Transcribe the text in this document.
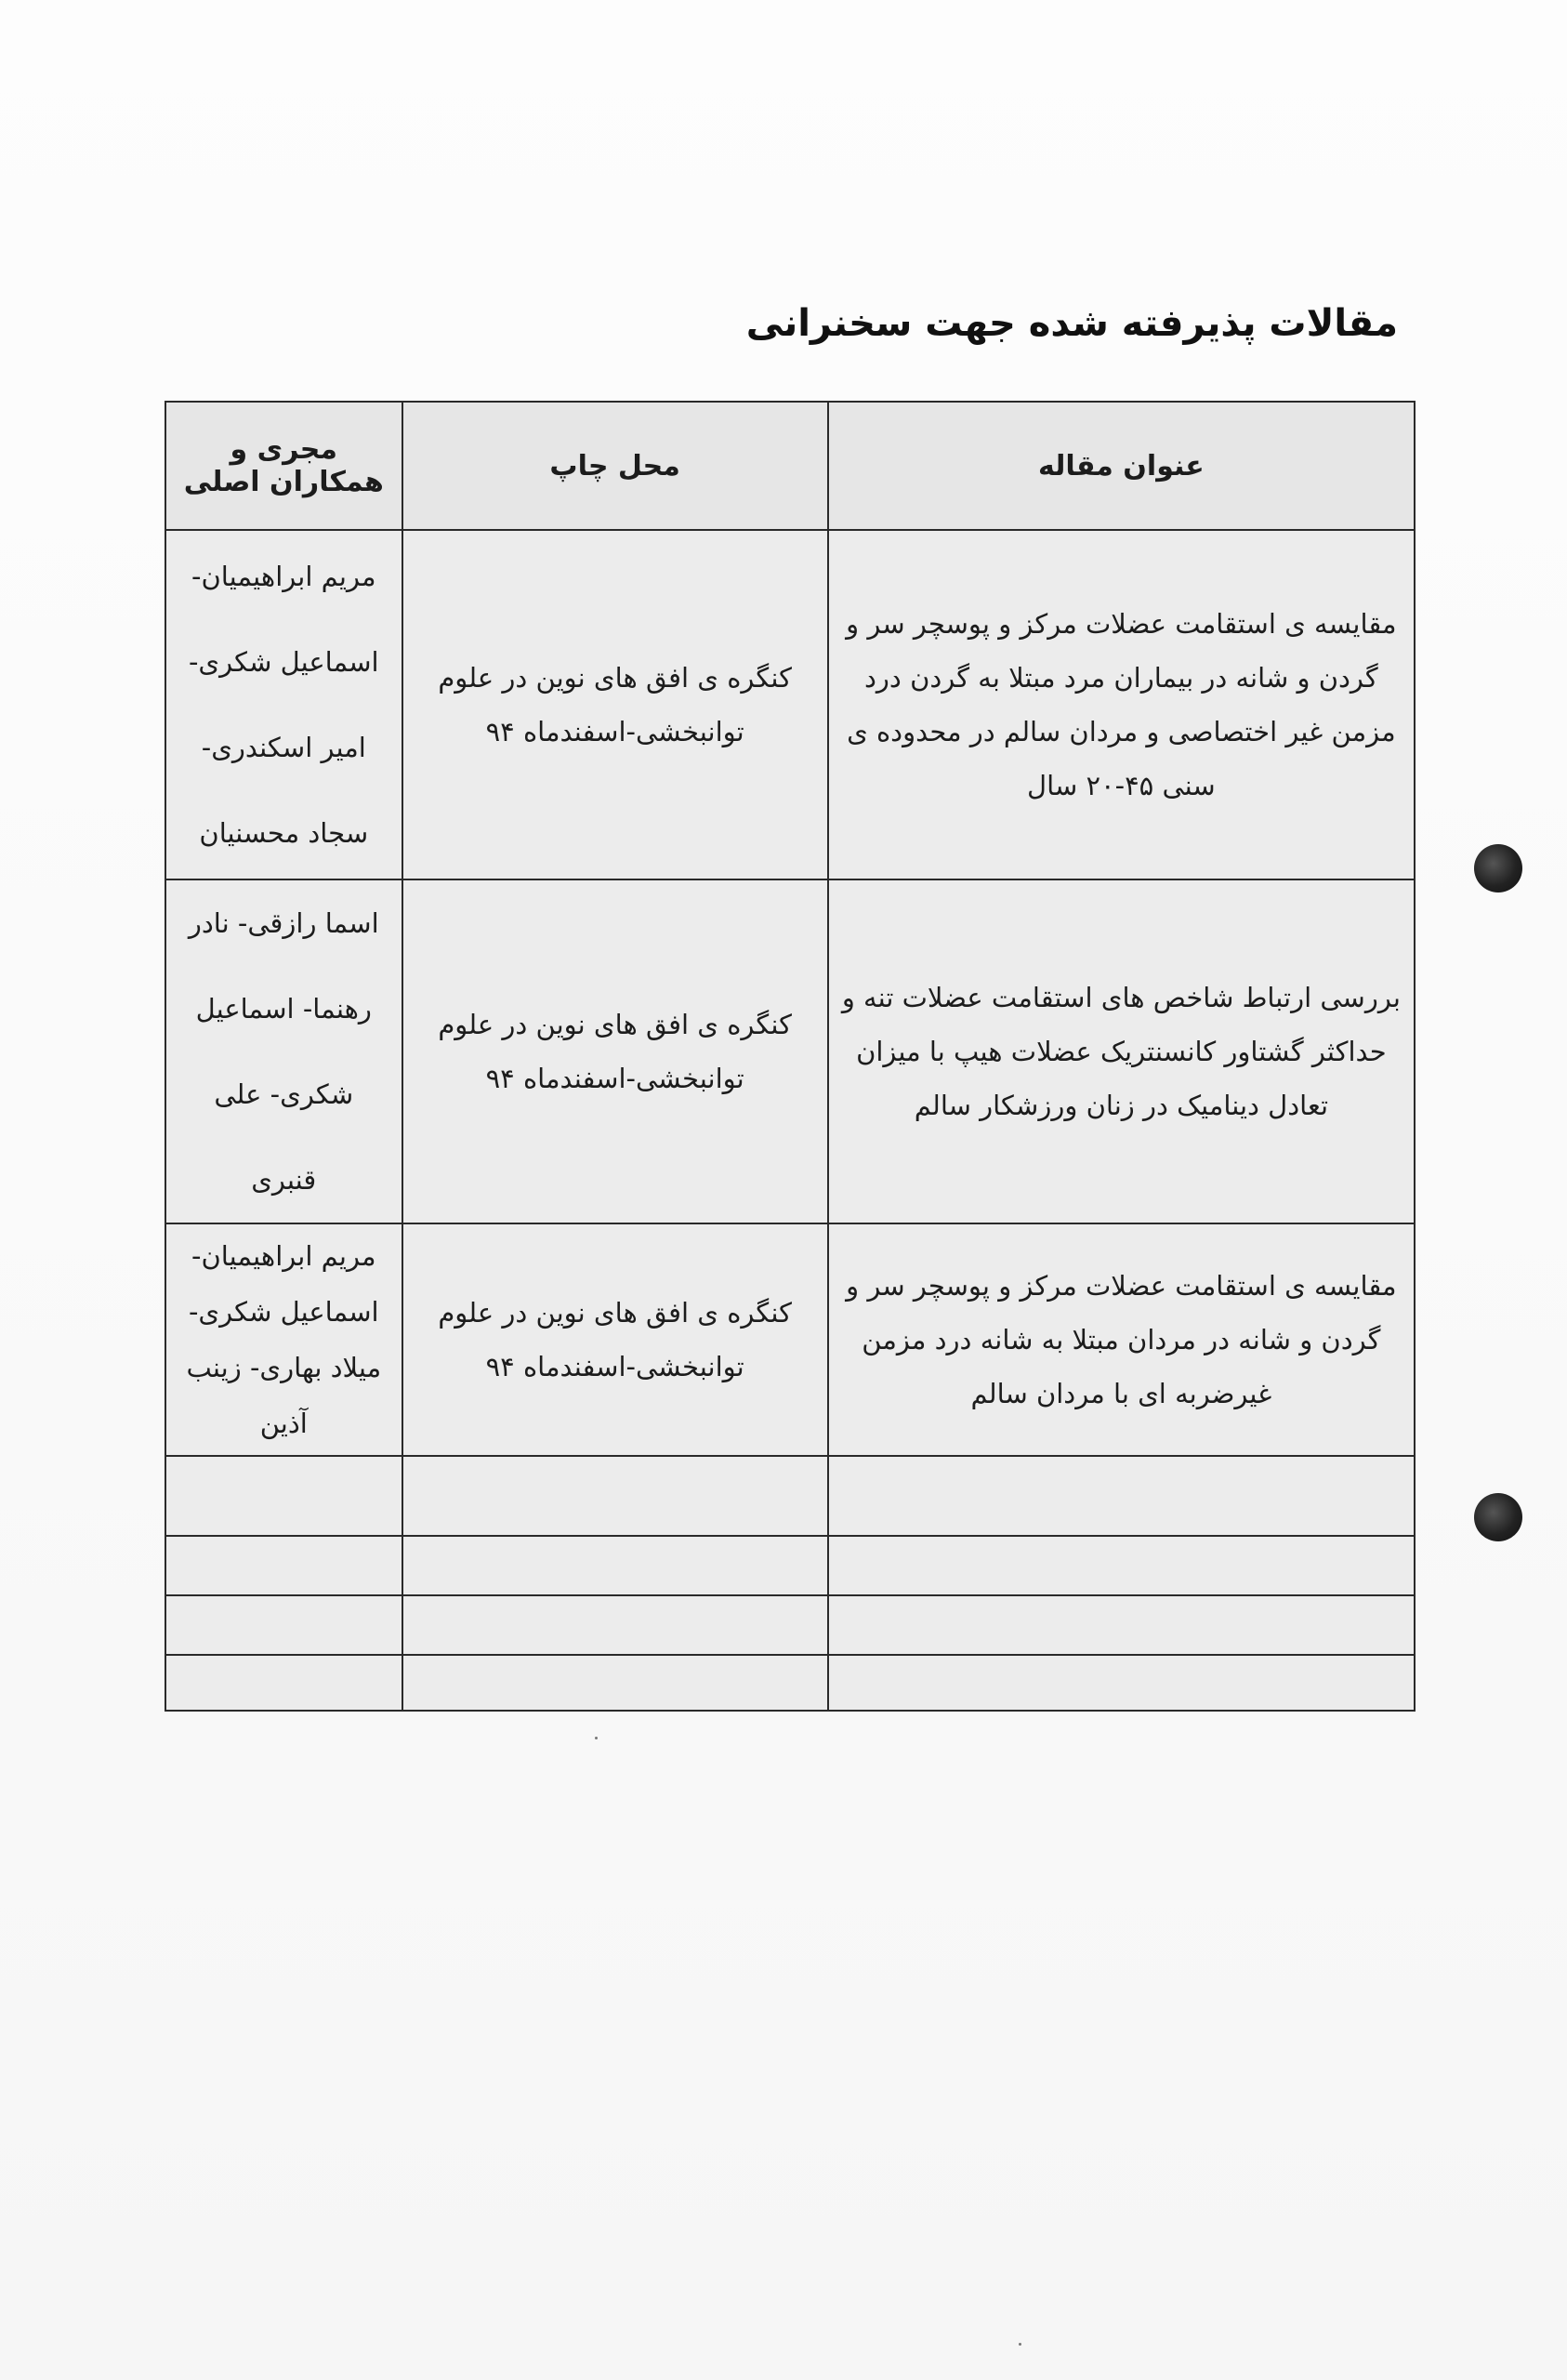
مقالات پذیرفته شده جهت سخنرانی
عنوان مقاله	محل چاپ	مجری و همکاران اصلی
مقایسه ی استقامت عضلات مرکز و پوسچر سر و گردن و شانه در بیماران مرد مبتلا به گردن درد مزمن غیر اختصاصی و مردان سالم در محدوده ی سنی ۴۵-۲۰ سال	کنگره ی افق های نوین در علوم توانبخشی-اسفندماه ۹۴	مریم ابراهیمیان- اسماعیل شکری- امیر اسکندری- سجاد محسنیان
بررسی ارتباط شاخص های استقامت عضلات تنه و حداکثر گشتاور کانسنتریک عضلات هیپ با میزان تعادل دینامیک در زنان ورزشکار سالم	کنگره ی افق های نوین در علوم توانبخشی-اسفندماه ۹۴	اسما رازقی- نادر رهنما- اسماعیل شکری- علی قنبری
مقایسه ی استقامت عضلات مرکز و پوسچر سر و گردن و شانه در مردان مبتلا به شانه درد مزمن غیرضربه ای با مردان سالم	کنگره ی افق های نوین در علوم توانبخشی-اسفندماه ۹۴	مریم ابراهیمیان- اسماعیل شکری- میلاد بهاری- زینب آذین
